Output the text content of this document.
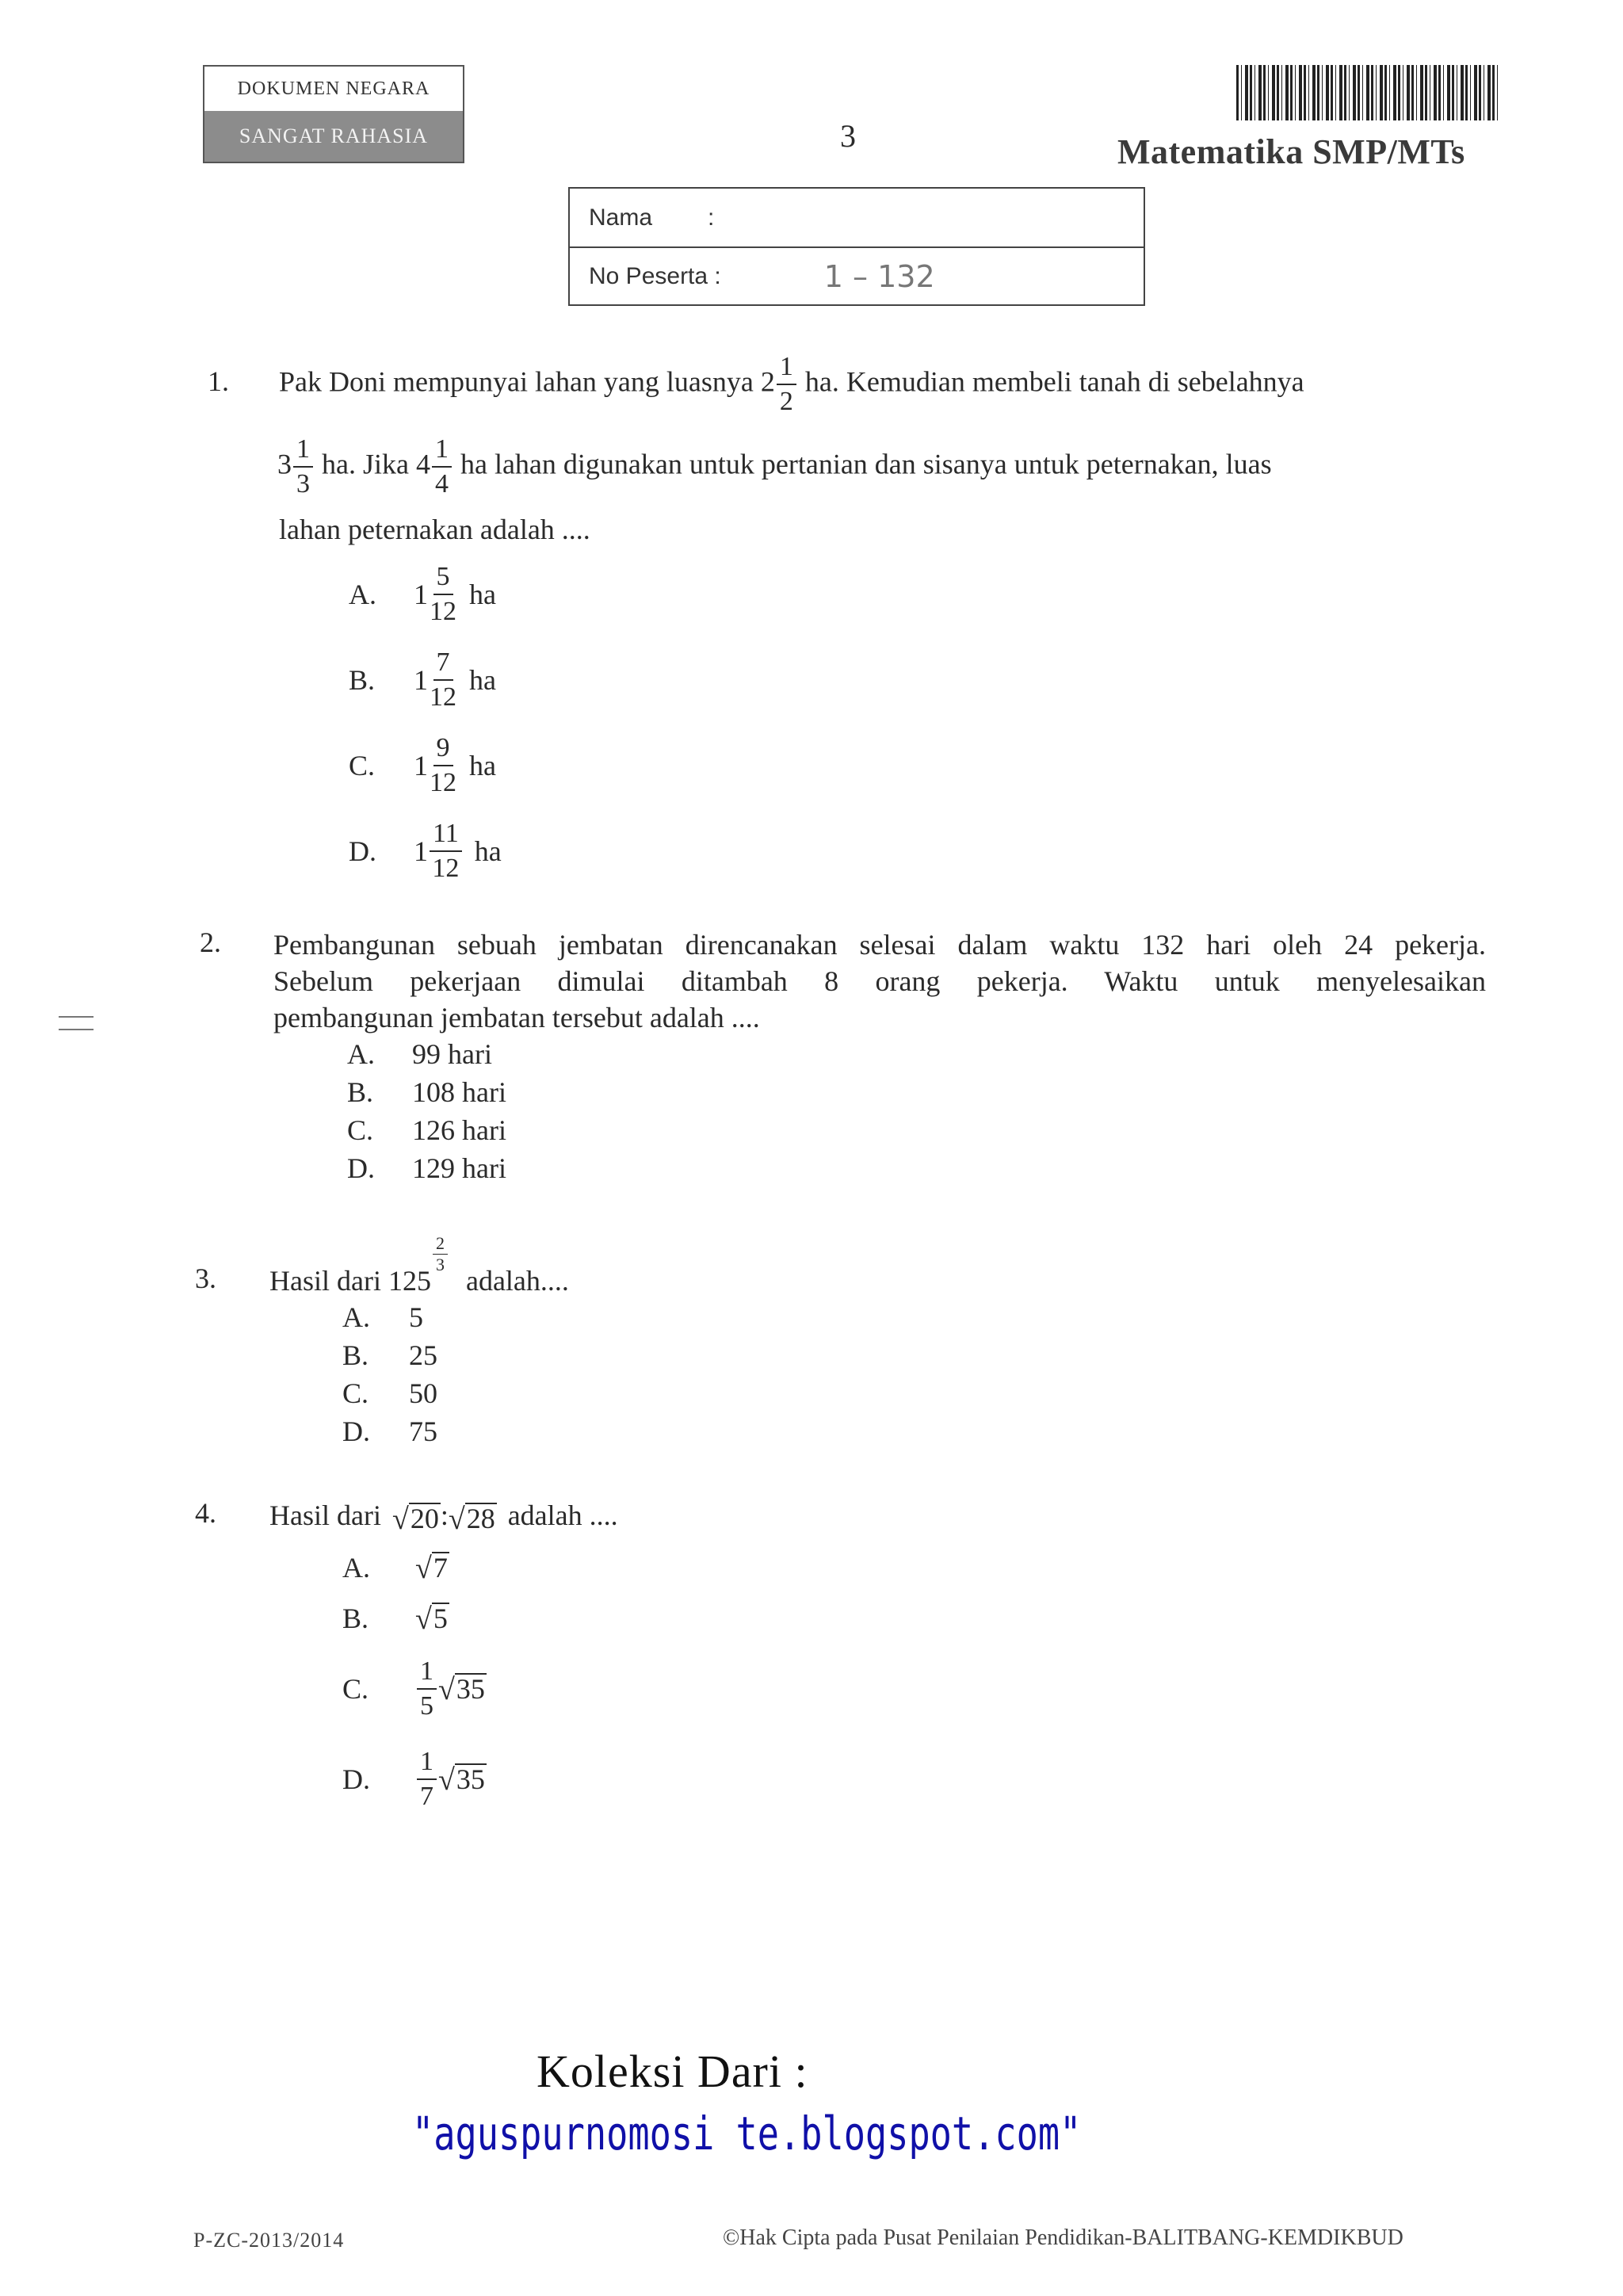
DOKUMEN NEGARA
SANGAT RAHASIA	3	Matematika SMP/MTs
Nama	:
No Peserta :	1 – 132
1. Pak Doni mempunyai lahan yang luasnya $2 \frac{1}{2}$ ha. Kemudian membeli tanah di sebelahnya
$3 \frac{1}{3}$ ha. Jika $4 \frac{1}{4}$ ha lahan digunakan untuk pertanian dan sisanya untuk peternakan, luas
lahan peternakan adalah ....
A.	$1 \frac{5}{12}$ ha
B.	$1 \frac{7}{12}$ ha
C.	$1 \frac{9}{12}$ ha
D.	$1 \frac{11}{12}$ ha
2. Pembangunan sebuah jembatan direncanakan selesai dalam waktu 132 hari oleh 24 pekerja.
Sebelum pekerjaan dimulai ditambah 8 orang pekerja. Waktu untuk menyelesaikan
pembangunan jembatan tersebut adalah ....
A. 99 hari
B. 108 hari
C. 126 hari
D. 129 hari
3. Hasil dari 125
$\frac{2}{3}$
adalah....
A. 5
B. 25
C. 50
D. 75
4. Hasil dari √ 20 : √ 28 adalah ....
A.	√ 7
B.	√ 5
C.	$\frac{1}{5}$ √ 35
D.	$\frac{1}{7}$ √ 35
Koleksi Dari :
"aguspurnomosi te.blogspot.com"
P-ZC-2013/2014	©Hak Cipta pada Pusat Penilaian Pendidikan-BALITBANG-KEMDIKBUD
